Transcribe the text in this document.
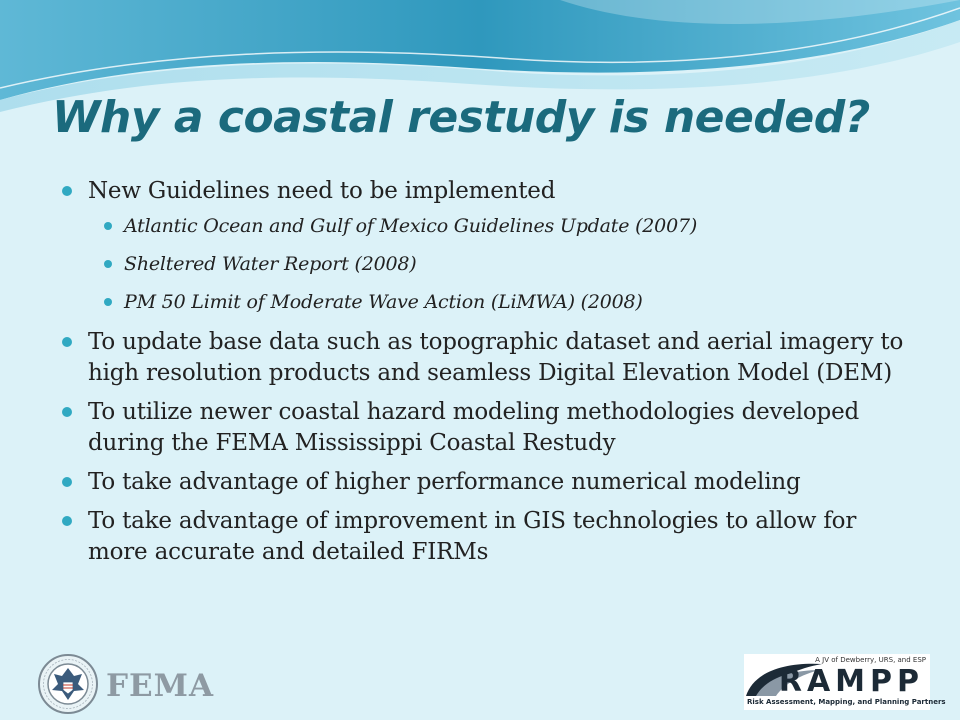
Why a coastal restudy is needed?
New Guidelines need to be implemented
Atlantic Ocean and Gulf of Mexico Guidelines Update (2007)
Sheltered Water Report (2008)
PM 50 Limit of Moderate Wave Action (LiMWA) (2008)
To update base data such as topographic dataset and aerial imagery to high resolution products and seamless Digital Elevation Model (DEM)
To utilize newer coastal hazard modeling methodologies developed during the FEMA Mississippi Coastal Restudy
To take advantage of higher performance numerical modeling
To take advantage of improvement in GIS technologies to allow for more accurate and detailed FIRMs
FEMA
A JV of Dewberry, URS, and ESP
RAMPP
Risk Assessment, Mapping, and Planning Partners
